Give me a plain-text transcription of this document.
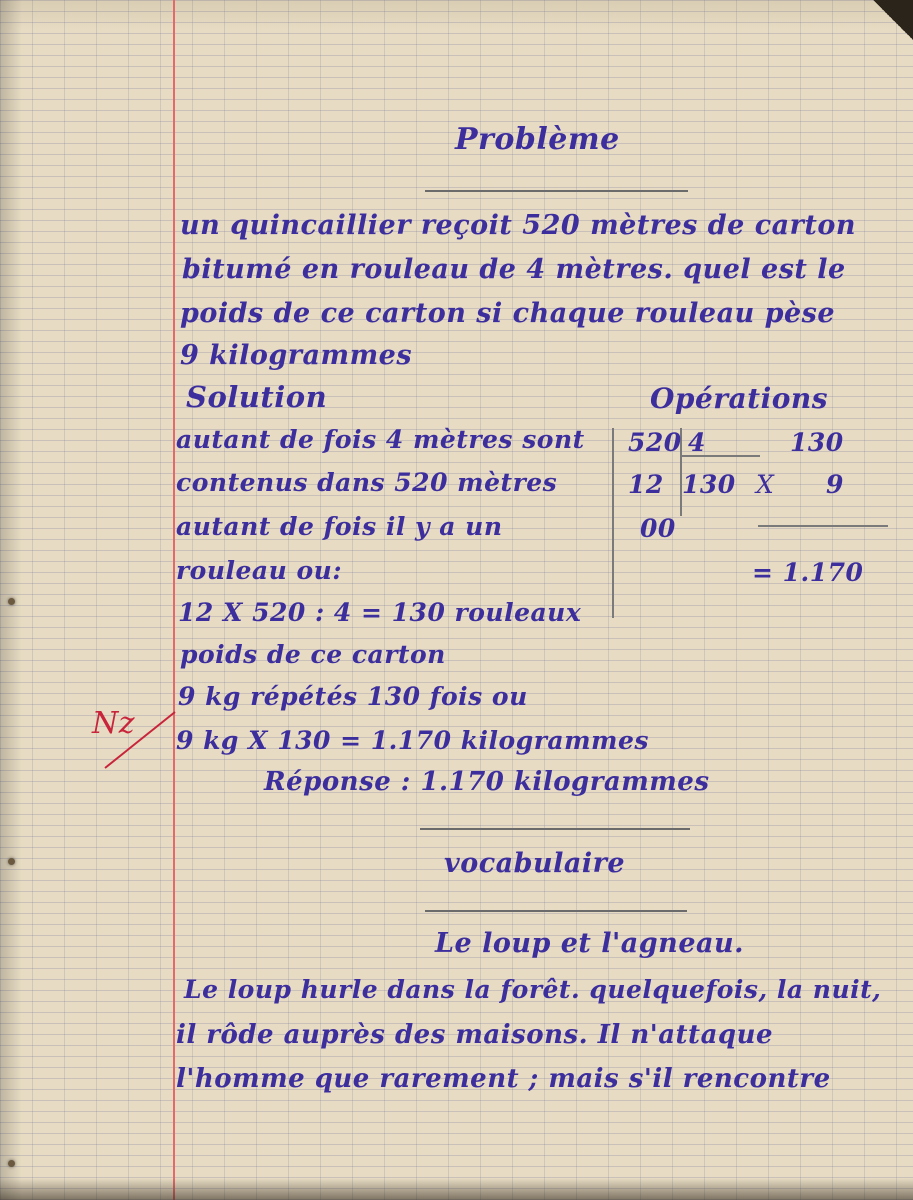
Problème
un quincaillier reçoit 520 mètres de carton
bitumé en rouleau de 4 mètres. quel est le
poids de ce carton si chaque rouleau pèse
9 kilogrammes
Solution
autant de fois 4 mètres sont
contenus dans 520 mètres
autant de fois il y a un
rouleau ou:
12 X 520 : 4 = 130 rouleaux
poids de ce carton
9 kg répétés 130 fois ou
9 kg X 130 = 1.170 kilogrammes
Réponse : 1.170 kilogrammes
Nz
Opérations
520 4
12 130
00
130
X 9
= 1.170
vocabulaire
Le loup et l'agneau.
Le loup hurle dans la forêt. quelquefois, la nuit,
il rôde auprès des maisons. Il n'attaque
l'homme que rarement ; mais s'il rencontre
